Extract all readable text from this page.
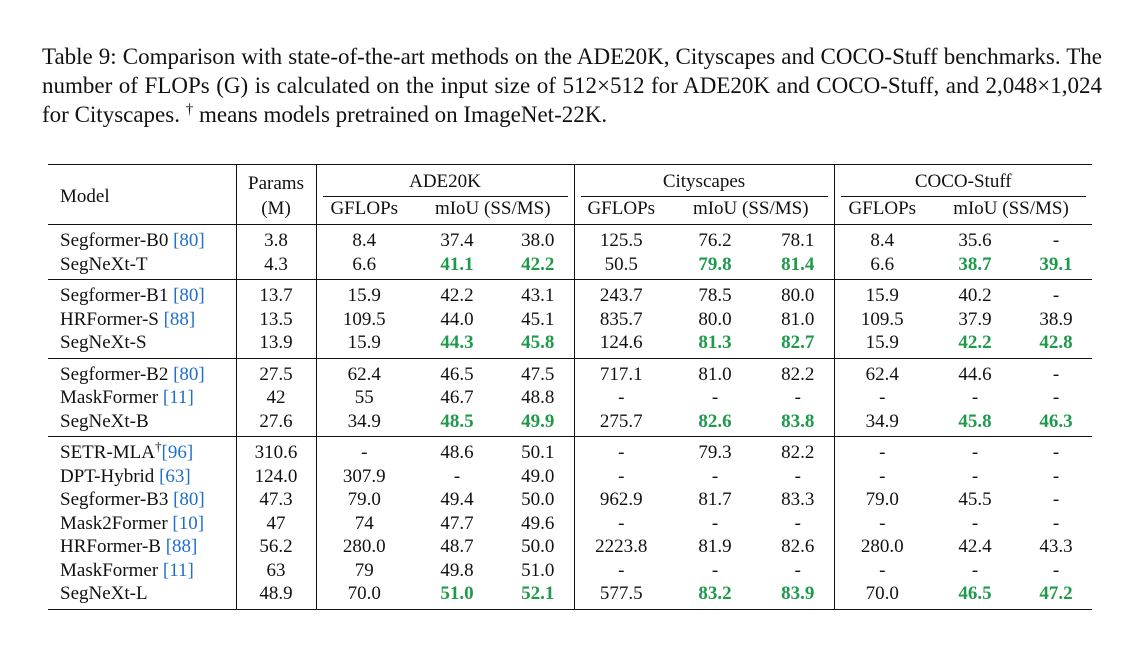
Table 9: Comparison with state-of-the-art methods on the ADE20K, Cityscapes and COCO-Stuff benchmarks. The number of FLOPs (G) is calculated on the input size of 512×512 for ADE20K and COCO-Stuff, and 2,048×1,024 for Cityscapes. † means models pretrained on ImageNet-22K.

Model	Params	ADE20K			Cityscapes			COCO-Stuff		

	(M)	GFLOPs	mIoU (SS/MS)		GFLOPs	mIoU (SS/MS)		GFLOPs	mIoU (SS/MS)	
Segformer-B0 [80]	3.8	8.4	37.4	38.0	125.5	76.2	78.1	8.4	35.6	-
SegNeXt-T	4.3	6.6	41.1	42.2	50.5	79.8	81.4	6.6	38.7	39.1
Segformer-B1 [80]	13.7	15.9	42.2	43.1	243.7	78.5	80.0	15.9	40.2	-
HRFormer-S [88]	13.5	109.5	44.0	45.1	835.7	80.0	81.0	109.5	37.9	38.9
SegNeXt-S	13.9	15.9	44.3	45.8	124.6	81.3	82.7	15.9	42.2	42.8
Segformer-B2 [80]	27.5	62.4	46.5	47.5	717.1	81.0	82.2	62.4	44.6	-
MaskFormer [11]	42	55	46.7	48.8	-	-	-	-	-	-
SegNeXt-B	27.6	34.9	48.5	49.9	275.7	82.6	83.8	34.9	45.8	46.3
SETR-MLA†[96]	310.6	-	48.6	50.1	-	79.3	82.2	-	-	-
DPT-Hybrid [63]	124.0	307.9	-	49.0	-	-	-	-	-	-
Segformer-B3 [80]	47.3	79.0	49.4	50.0	962.9	81.7	83.3	79.0	45.5	-
Mask2Former [10]	47	74	47.7	49.6	-	-	-	-	-	-
HRFormer-B [88]	56.2	280.0	48.7	50.0	2223.8	81.9	82.6	280.0	42.4	43.3
MaskFormer [11]	63	79	49.8	51.0	-	-	-	-	-	-
SegNeXt-L	48.9	70.0	51.0	52.1	577.5	83.2	83.9	70.0	46.5	47.2
